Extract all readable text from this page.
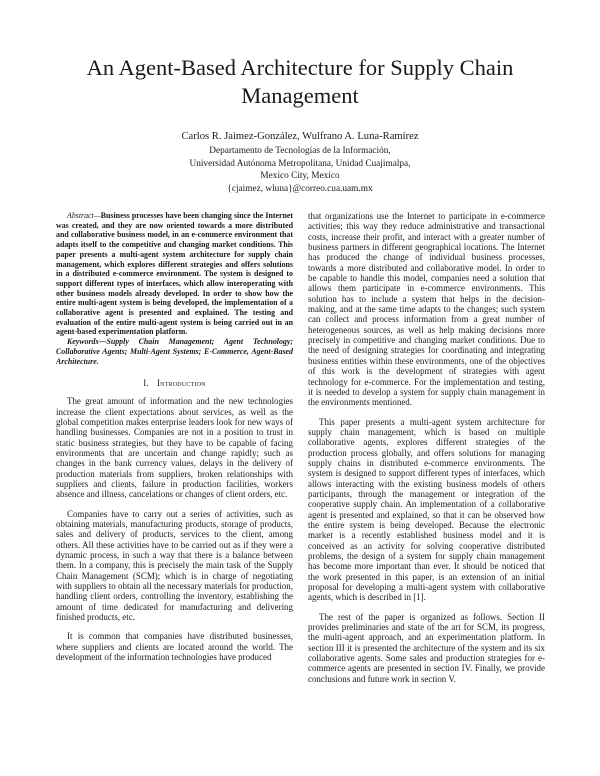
An Agent-Based Architecture for Supply Chain Management
Carlos R. Jaimez-González, Wulfrano A. Luna-Ramírez
Departamento de Tecnologías de la Información,
Universidad Autónoma Metropolitana, Unidad Cuajimalpa,
Mexico City, Mexico
{cjaimez, wluna}@correo.cua.uam.mx

Abstract—Business processes have been changing since the Internet was created, and they are now oriented towards a more distributed and collaborative business model, in an e-commerce environment that adapts itself to the competitive and changing market conditions. This paper presents a multi-agent system architecture for supply chain management, which explores different strategies and offers solutions in a distributed e-commerce environment. The system is designed to support different types of interfaces, which allow interoperating with other business models already developed. In order to show how the entire multi-agent system is being developed, the implementation of a collaborative agent is presented and explained. The testing and evaluation of the entire multi-agent system is being carried out in an agent-based experimentation platform.

Keywords—Supply Chain Management; Agent Technology; Collaborative Agents; Multi-Agent Systems; E-Commerce, Agent-Based Architecture.

I. Introduction

The great amount of information and the new technologies increase the client expectations about services, as well as the global competition makes enterprise leaders look for new ways of handling businesses. Companies are not in a position to trust in static business strategies, but they have to be capable of facing environments that are uncertain and change rapidly; such as changes in the bank currency values, delays in the delivery of production materials from suppliers, broken relationships with suppliers and clients, failure in production facilities, workers absence and illness, cancelations or changes of client orders, etc.

Companies have to carry out a series of activities, such as obtaining materials, manufacturing products, storage of products, sales and delivery of products, services to the client, among others. All these activities have to be carried out as if they were a dynamic process, in such a way that there is a balance between them. In a company, this is precisely the main task of the Supply Chain Management (SCM); which is in charge of negotiating with suppliers to obtain all the necessary materials for production, handling client orders, controlling the inventory, establishing the amount of time dedicated for manufacturing and delivering finished products, etc.

It is common that companies have distributed businesses, where suppliers and clients are located around the world. The development of the information technologies have produced

that organizations use the Internet to participate in e-commerce activities; this way they reduce administrative and transactional costs, increase their profit, and interact with a greater number of business partners in different geographical locations. The Internet has produced the change of individual business processes, towards a more distributed and collaborative model. In order to be capable to handle this model, companies need a solution that allows them participate in e-commerce environments. This solution has to include a system that helps in the decision-making, and at the same time adapts to the changes; such system can collect and process information from a great number of heterogeneous sources, as well as help making decisions more precisely in competitive and changing market conditions. Due to the need of designing strategies for coordinating and integrating business entities within these environments, one of the objectives of this work is the development of strategies with agent technology for e-commerce. For the implementation and testing, it is needed to develop a system for supply chain management in the environments mentioned.

This paper presents a multi-agent system architecture for supply chain management, which is based on multiple collaborative agents, explores different strategies of the production process globally, and offers solutions for managing supply chains in distributed e-commerce environments. The system is designed to support different types of interfaces, which allows interacting with the existing business models of others participants, through the management or integration of the cooperative supply chain. An implementation of a collaborative agent is presented and explained, so that it can be observed how the entire system is being developed. Because the electronic market is a recently established business model and it is conceived as an activity for solving cooperative distributed problems, the design of a system for supply chain management has become more important than ever. It should be noticed that the work presented in this paper, is an extension of an initial proposal for developing a multi-agent system with collaborative agents, which is described in [1].

The rest of the paper is organized as follows. Section II provides preliminaries and state of the art for SCM, its progress, the multi-agent approach, and an experimentation platform. In section III it is presented the architecture of the system and its six collaborative agents. Some sales and production strategies for e-commerce agents are presented in section IV. Finally, we provide conclusions and future work in section V.
